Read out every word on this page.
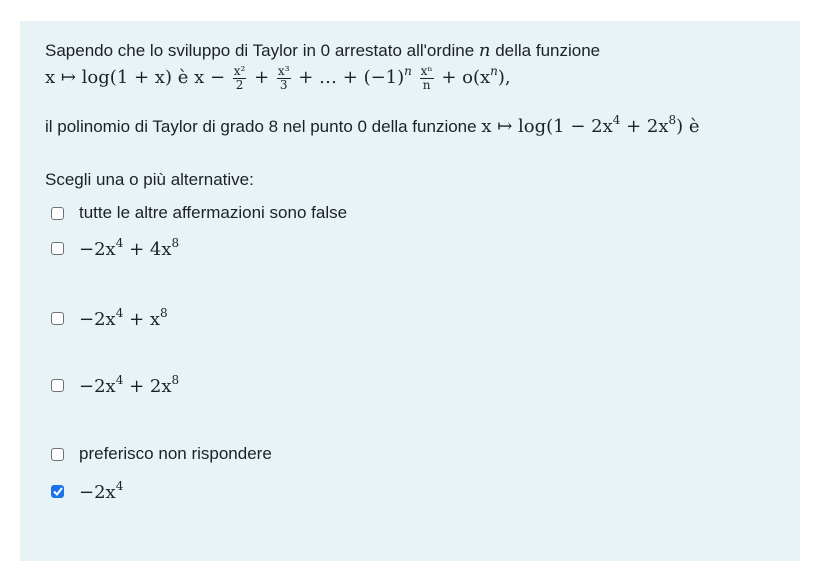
Sapendo che lo sviluppo di Taylor in 0 arrestato all'ordine n della funzione
x ↦ log(1 + x) è $x - \frac{\text{x²}}{2} + \frac{\text{x³}}{3}$ + … + $(-1)^n \frac{\text{xⁿ}}{n} + o(x^n)$,
il polinomio di Taylor di grado 8 nel punto 0 della funzione x ↦ $\log(1 - 2x^4 + 2x^8)$ è
Scegli una o più alternative:
tutte le altre affermazioni sono false
$-2x^4 + 4x^8$
$-2x^4 + x^8$
$-2x^4 + 2x^8$
preferisco non rispondere
$-2x^4$
